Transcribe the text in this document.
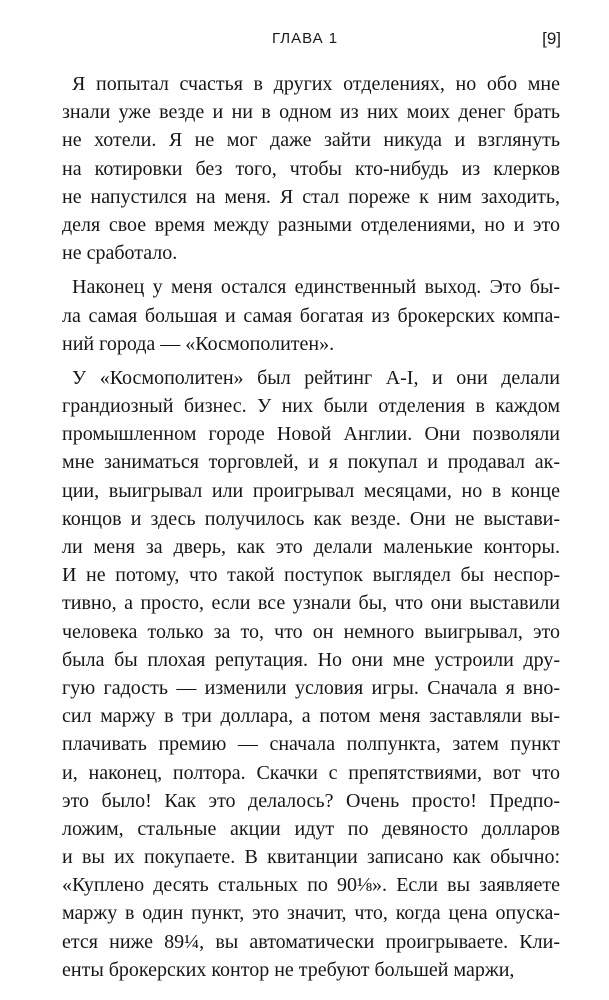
ГЛАВА 1	[9]
Я попытал счастья в других отделениях, но обо мне
знали уже везде и ни в одном из них моих денег брать
не хотели. Я не мог даже зайти никуда и взглянуть
на котировки без того, чтобы кто-нибудь из клерков
не напустился на меня. Я стал пореже к ним заходить,
деля свое время между разными отделениями, но и это
не сработало.
Наконец у меня остался единственный выход. Это бы-
ла самая большая и самая богатая из брокерских компа-
ний города — «Космополитен».
У «Космополитен» был рейтинг A-I, и они делали
грандиозный бизнес. У них были отделения в каждом
промышленном городе Новой Англии. Они позволяли
мне заниматься торговлей, и я покупал и продавал ак-
ции, выигрывал или проигрывал месяцами, но в конце
концов и здесь получилось как везде. Они не выстави-
ли меня за дверь, как это делали маленькие конторы.
И не потому, что такой поступок выглядел бы неспор-
тивно, а просто, если все узнали бы, что они выставили
человека только за то, что он немного выигрывал, это
была бы плохая репутация. Но они мне устроили дру-
гую гадость — изменили условия игры. Сначала я вно-
сил маржу в три доллара, а потом меня заставляли вы-
плачивать премию — сначала полпункта, затем пункт
и, наконец, полтора. Скачки с препятствиями, вот что
это было! Как это делалось? Очень просто! Предпо-
ложим, стальные акции идут по девяносто долларов
и вы их покупаете. В квитанции записано как обычно:
«Куплено десять стальных по 90⅛». Если вы заявляете
маржу в один пункт, это значит, что, когда цена опуска-
ется ниже 89¼, вы автоматически проигрываете. Кли-
енты брокерских контор не требуют большей маржи,
